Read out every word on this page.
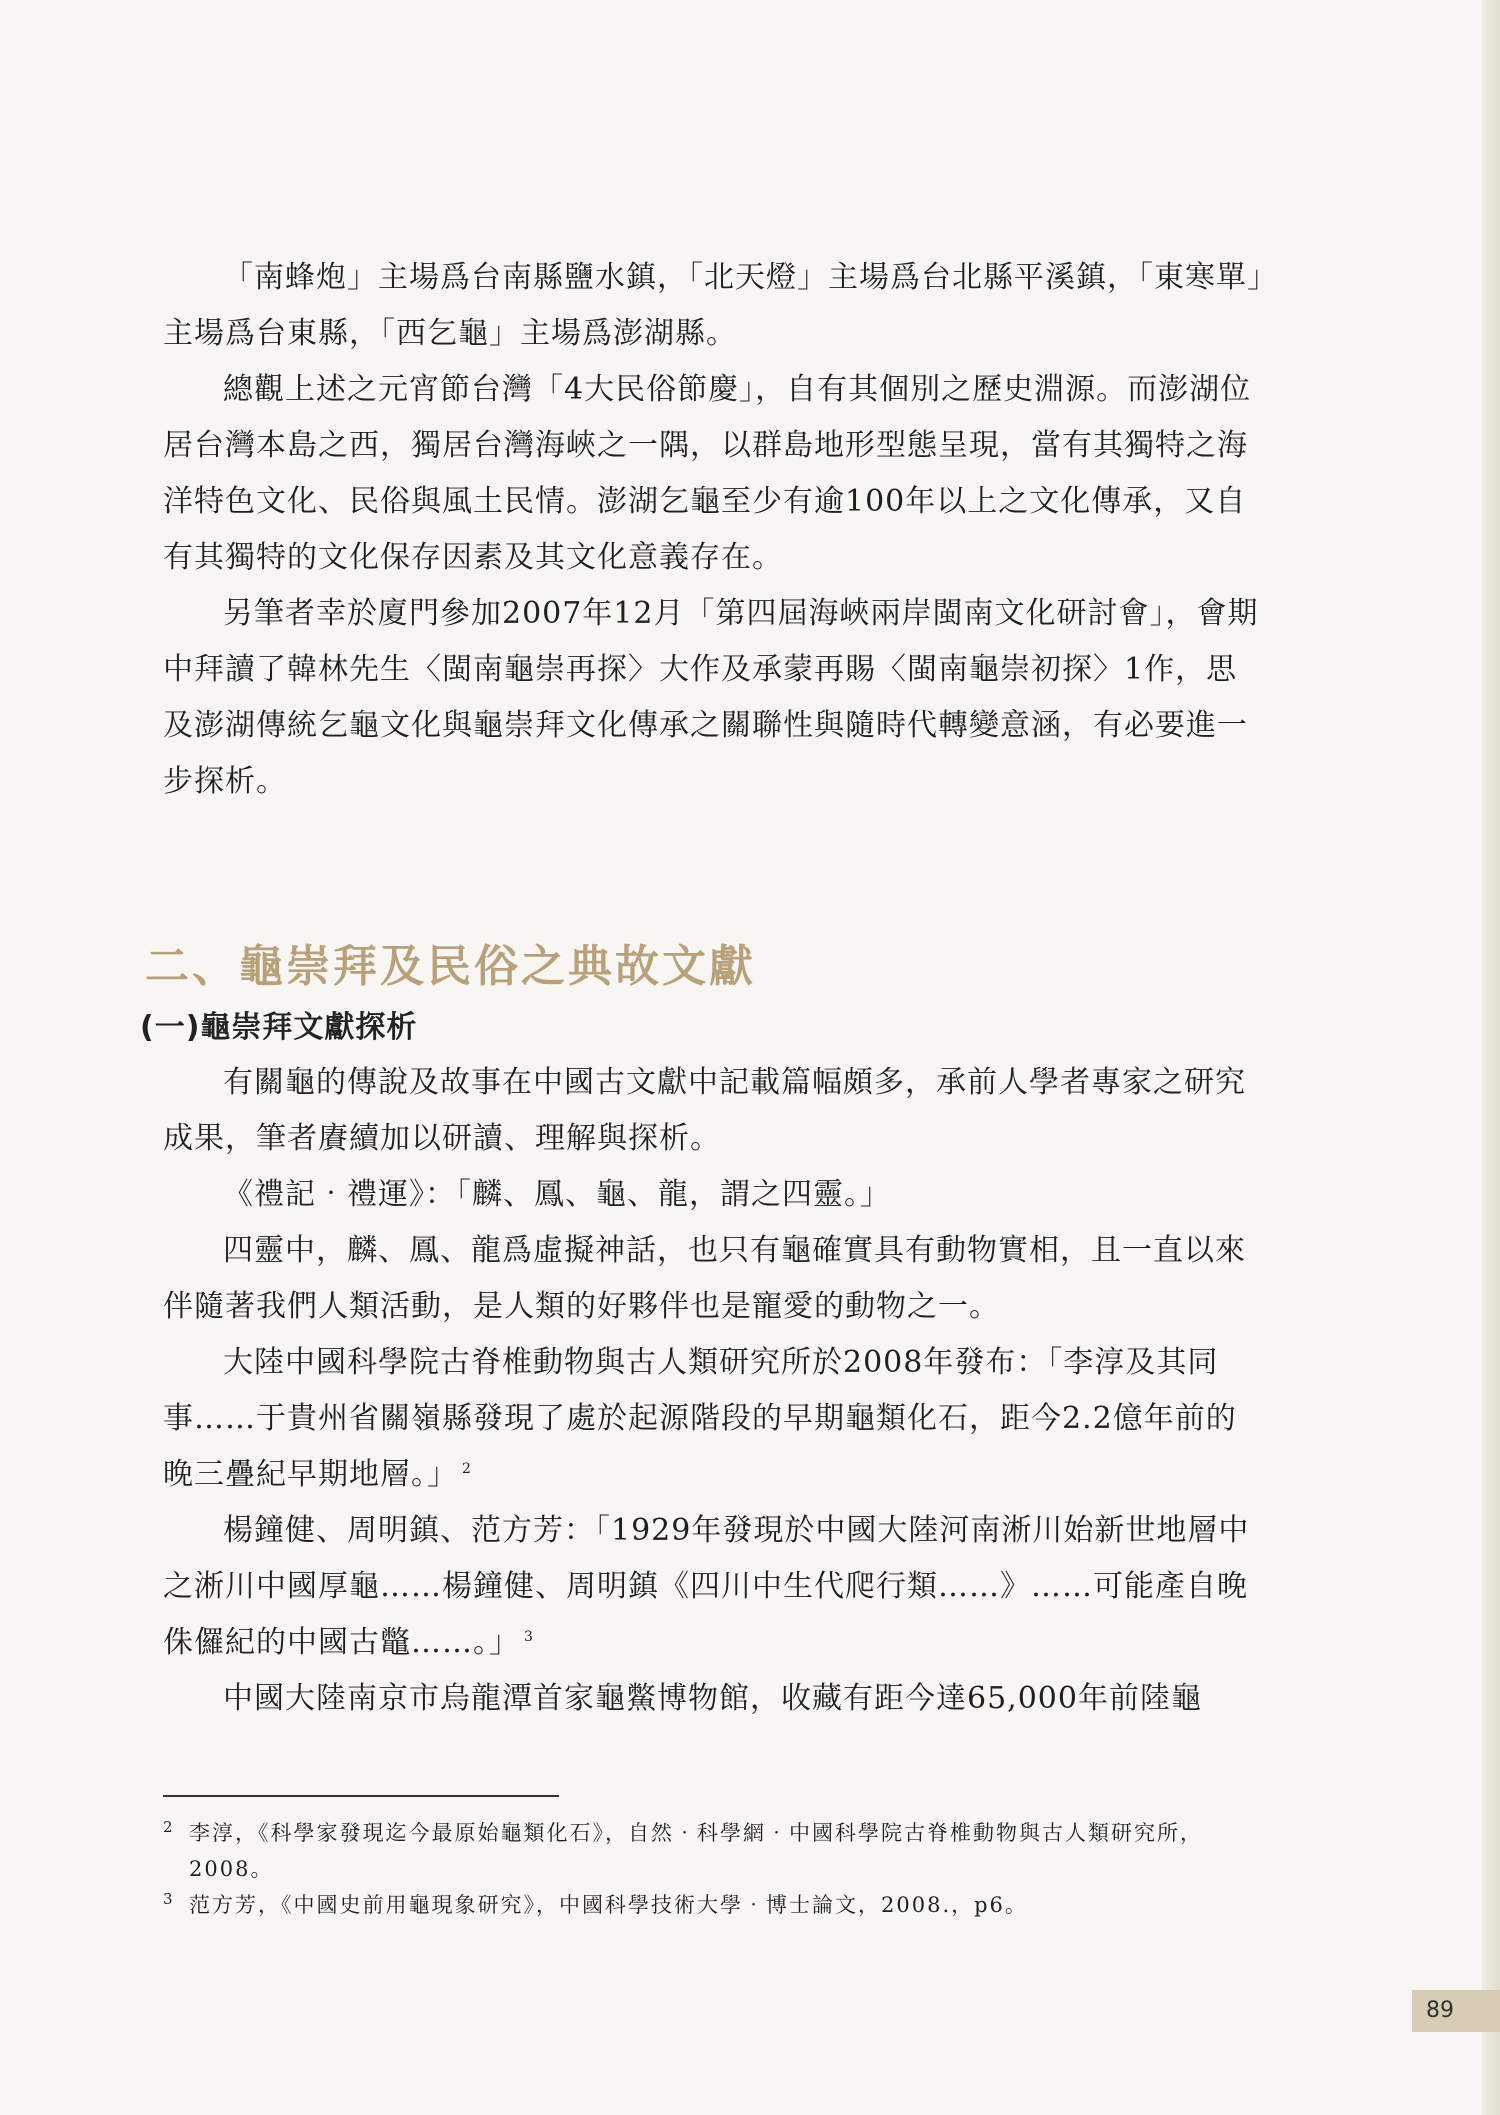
「南蜂炮」主場爲台南縣鹽水鎮，「北天燈」主場爲台北縣平溪鎮，「東寒單」主場爲台東縣，「西乞龜」主場爲澎湖縣。

總觀上述之元宵節台灣「4大民俗節慶」，自有其個別之歷史淵源。而澎湖位居台灣本島之西，獨居台灣海峽之一隅，以群島地形型態呈現，當有其獨特之海洋特色文化、民俗與風土民情。澎湖乞龜至少有逾100年以上之文化傳承，又自有其獨特的文化保存因素及其文化意義存在。

另筆者幸於廈門參加2007年12月「第四屆海峽兩岸閩南文化研討會」，會期中拜讀了韓林先生〈閩南龜崇再探〉大作及承蒙再賜〈閩南龜崇初探〉1作，思及澎湖傳統乞龜文化與龜崇拜文化傳承之關聯性與隨時代轉變意涵，有必要進一步探析。

二、龜崇拜及民俗之典故文獻
(一)龜崇拜文獻探析

有關龜的傳說及故事在中國古文獻中記載篇幅頗多，承前人學者專家之研究成果，筆者賡續加以研讀、理解與探析。

《禮記‧禮運》：「麟、鳳、龜、龍，謂之四靈。」

四靈中，麟、鳳、龍爲虛擬神話，也只有龜確實具有動物實相，且一直以來伴隨著我們人類活動，是人類的好夥伴也是寵愛的動物之一。

大陸中國科學院古脊椎動物與古人類研究所於2008年發布：「李淳及其同事……于貴州省關嶺縣發現了處於起源階段的早期龜類化石，距今2.2億年前的晚三疊紀早期地層。」 $^2$

楊鐘健、周明鎮、范方芳：「1929年發現於中國大陸河南淅川始新世地層中之淅川中國厚龜……楊鐘健、周明鎮《四川中生代爬行類……》……可能產自晚侏儸紀的中國古鼈……。」 $^3$

中國大陸南京市烏龍潭首家龜鱉博物館，收藏有距今達65,000年前陸龜

2 李淳，《科學家發現迄今最原始龜類化石》，自然‧科學網‧中國科學院古脊椎動物與古人類研究所，2008。
3 范方芳，《中國史前用龜現象研究》，中國科學技術大學‧博士論文，2008.，p6。
89
